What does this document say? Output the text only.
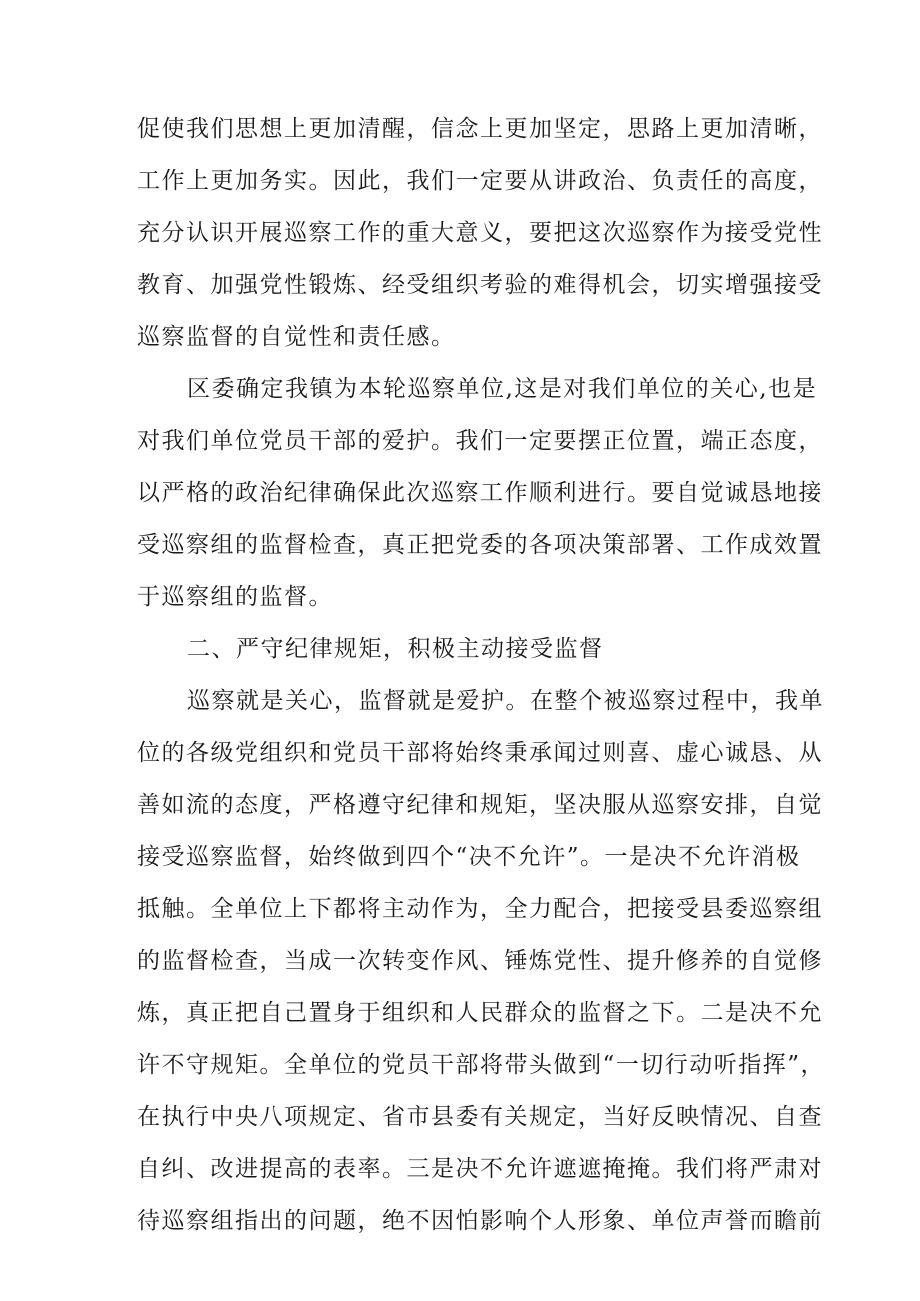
促使我们思想上更加清醒，信念上更加坚定，思路上更加清晰，
工作上更加务实。因此，我们一定要从讲政治、负责任的高度，
充分认识开展巡察工作的重大意义，要把这次巡察作为接受党性
教育、加强党性锻炼、经受组织考验的难得机会，切实增强接受
巡察监督的自觉性和责任感。
区委确定我镇为本轮巡察单位,这是对我们单位的关心,也是
对我们单位党员干部的爱护。我们一定要摆正位置，端正态度，
以严格的政治纪律确保此次巡察工作顺利进行。要自觉诚恳地接
受巡察组的监督检查，真正把党委的各项决策部署、工作成效置
于巡察组的监督。
二、严守纪律规矩，积极主动接受监督
巡察就是关心，监督就是爱护。在整个被巡察过程中，我单
位的各级党组织和党员干部将始终秉承闻过则喜、虚心诚恳、从
善如流的态度，严格遵守纪律和规矩，坚决服从巡察安排，自觉
接受巡察监督，始终做到四个“决不允许”。一是决不允许消极
抵触。全单位上下都将主动作为，全力配合，把接受县委巡察组
的监督检查，当成一次转变作风、锤炼党性、提升修养的自觉修
炼，真正把自己置身于组织和人民群众的监督之下。二是决不允
许不守规矩。全单位的党员干部将带头做到“一切行动听指挥”，
在执行中央八项规定、省市县委有关规定，当好反映情况、自查
自纠、改进提高的表率。三是决不允许遮遮掩掩。我们将严肃对
待巡察组指出的问题，绝不因怕影响个人形象、单位声誉而瞻前
